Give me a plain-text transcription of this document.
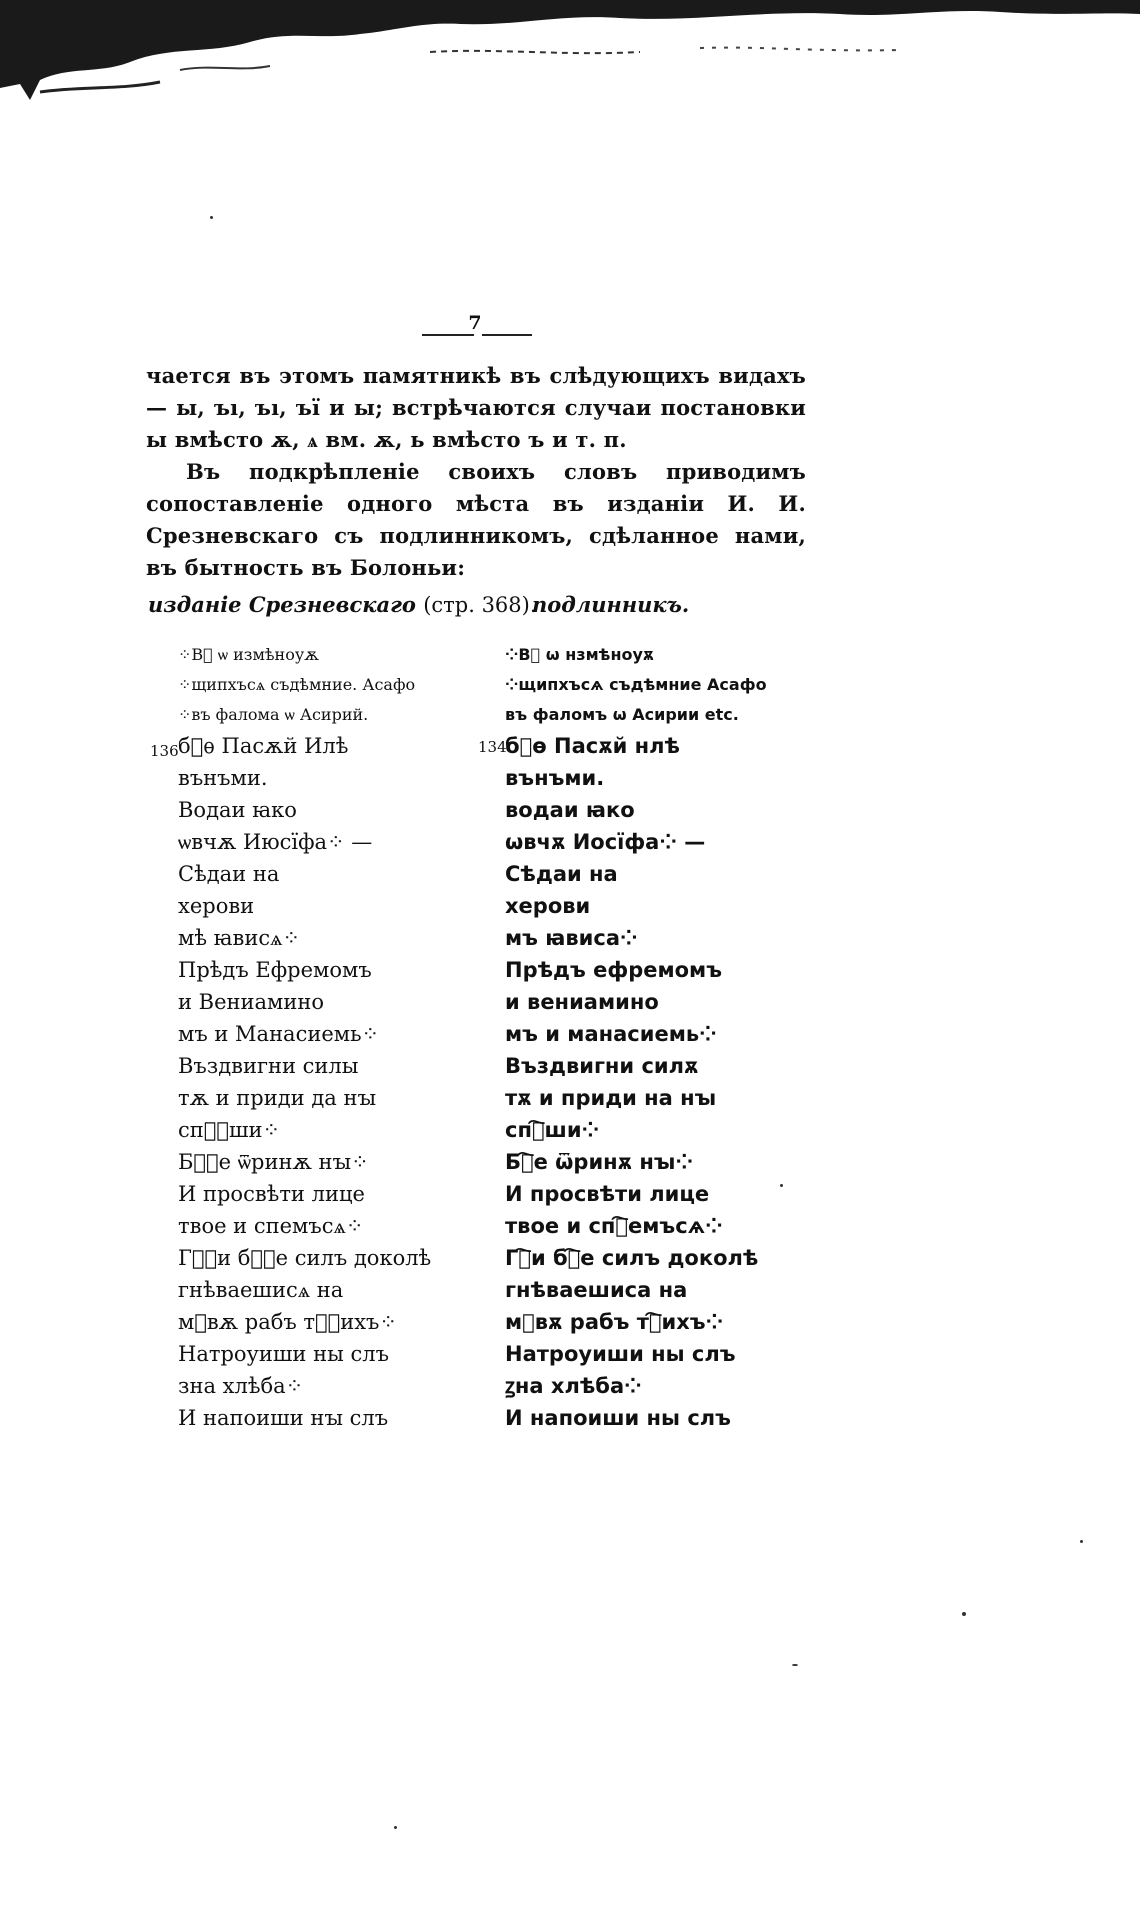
7

чается въ этомъ памятникѣ въ слѣдующихъ видахъ — ы, ъı, ъı, ъї и ы; встрѣчаются случаи постановки ы вмѣсто ѫ, ѧ вм. ѫ, ь вмѣсто ъ и т. п.

Въ подкрѣпленіе своихъ словъ приводимъ сопоставленіе одного мѣста въ изданіи И. И. Срезневскаго съ подлинникомъ, сдѣланное нами, въ бытность въ Болоньи:

изданіе Срезневскаго (стр. 368).
подлинникъ.
136	134.
⁘Вⷪ ѡ измѣноуѫ
⁘щипхъсѧ съдѣмние. Асафо
⁘въ фалома ѡ Асирий.
бⷪѳ Пасѫй Илѣ
вънъми.
Водаи ꙗко
ѡвчѫ Июсїфа⁘ —
Сѣдаи на
херови
мѣ ꙗвисѧ⁘
Прѣдъ Ефремомъ
и Вениамино
мъ и Манасиемь⁘
Въздвигни силы
тѫ и приди да нꙑ
спⷭ҇ши⁘
Бⷤ҇е ѿринѫ нꙑ⁘
И просвѣти лице
твое и спемъсѧ⁘
Гⷭ҇и бⷭ҇е силъ доколѣ
гнѣваешисѧ на
мⷪвѫ рабъ тⷭ҇ихъ⁘
Натроуиши ны слъ
зна хлѣба⁘
И напоиши нꙑ слъ
⁘Вⷪ ѡ нзмѣноуѫ
⁘щипхъсѧ съдѣмние Асафо
въ фаломъ ѡ Асирии etc.
бⷪѳ Пасѫй нлѣ
вънъми.
водаи ꙗко
ѡвчѫ Иосїфа⁘ —
Сѣдаи на
херови
мъ ꙗвиса⁘
Прѣдъ ефремомъ
и вениамино
мъ и манасиемь⁘
Въздвигни силѫ
тѫ и приди на нꙑ
спⷭ҇ши⁘
Бⷤ҇е ѿринѫ нꙑ⁘
И просвѣти лице
твое и спⷭ҇емъсѧ⁘
Гⷭ҇и бⷭ҇е силъ доколѣ
гнѣваешиса на
мⷪвѫ рабъ тⷭ҇ихъ⁘
Натроуиши ны слъ
ꙁна хлѣба⁘
И напоиши ны слъ
